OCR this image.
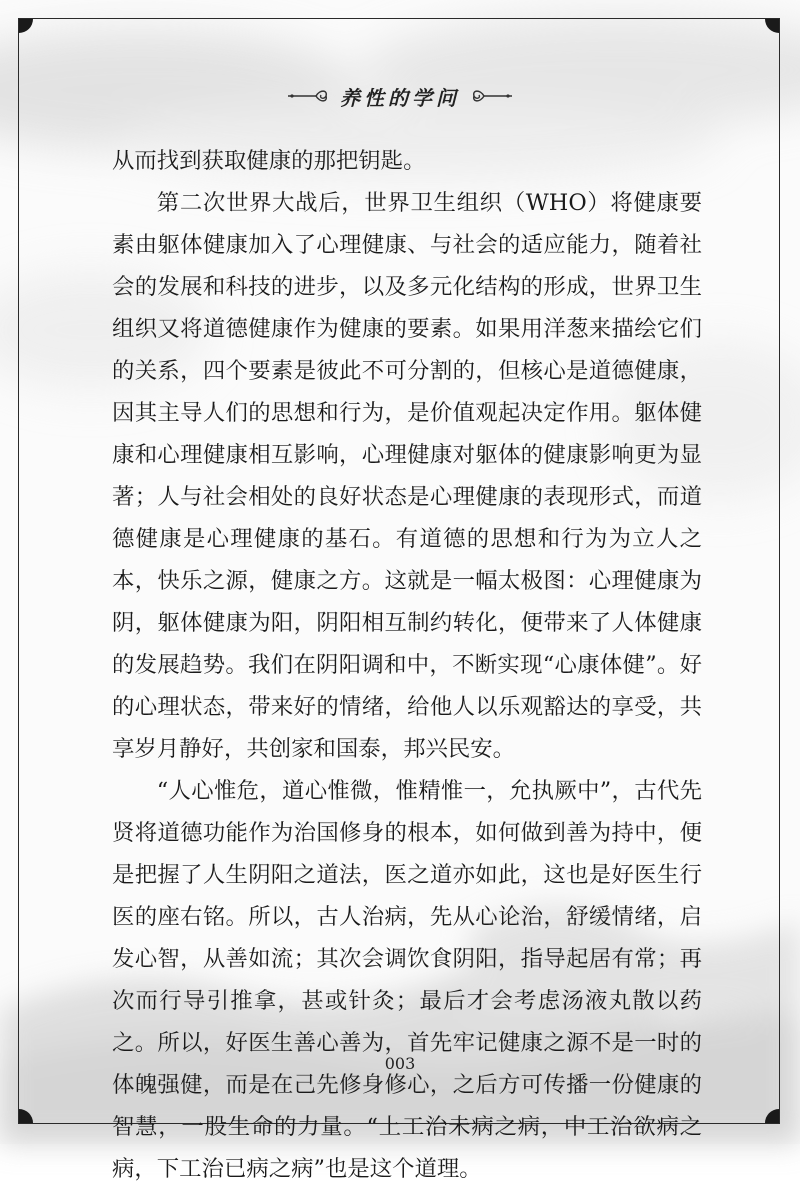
养性的学问

从而找到获取健康的那把钥匙。

第二次世界大战后，世界卫生组织（WHO）将健康要素由躯体健康加入了心理健康、与社会的适应能力，随着社会的发展和科技的进步，以及多元化结构的形成，世界卫生组织又将道德健康作为健康的要素。如果用洋葱来描绘它们的关系，四个要素是彼此不可分割的，但核心是道德健康，因其主导人们的思想和行为，是价值观起决定作用。躯体健康和心理健康相互影响，心理健康对躯体的健康影响更为显著；人与社会相处的良好状态是心理健康的表现形式，而道德健康是心理健康的基石。有道德的思想和行为为立人之本，快乐之源，健康之方。这就是一幅太极图：心理健康为阴，躯体健康为阳，阴阳相互制约转化，便带来了人体健康的发展趋势。我们在阴阳调和中，不断实现“心康体健”。好的心理状态，带来好的情绪，给他人以乐观豁达的享受，共享岁月静好，共创家和国泰，邦兴民安。

“人心惟危，道心惟微，惟精惟一，允执厥中”，古代先贤将道德功能作为治国修身的根本，如何做到善为持中，便是把握了人生阴阳之道法，医之道亦如此，这也是好医生行医的座右铭。所以，古人治病，先从心论治，舒缓情绪，启发心智，从善如流；其次会调饮食阴阳，指导起居有常；再次而行导引推拿，甚或针灸；最后才会考虑汤液丸散以药之。所以，好医生善心善为，首先牢记健康之源不是一时的体魄强健，而是在己先修身修心，之后方可传播一份健康的智慧，一股生命的力量。“上工治未病之病，中工治欲病之病，下工治已病之病”也是这个道理。

003
